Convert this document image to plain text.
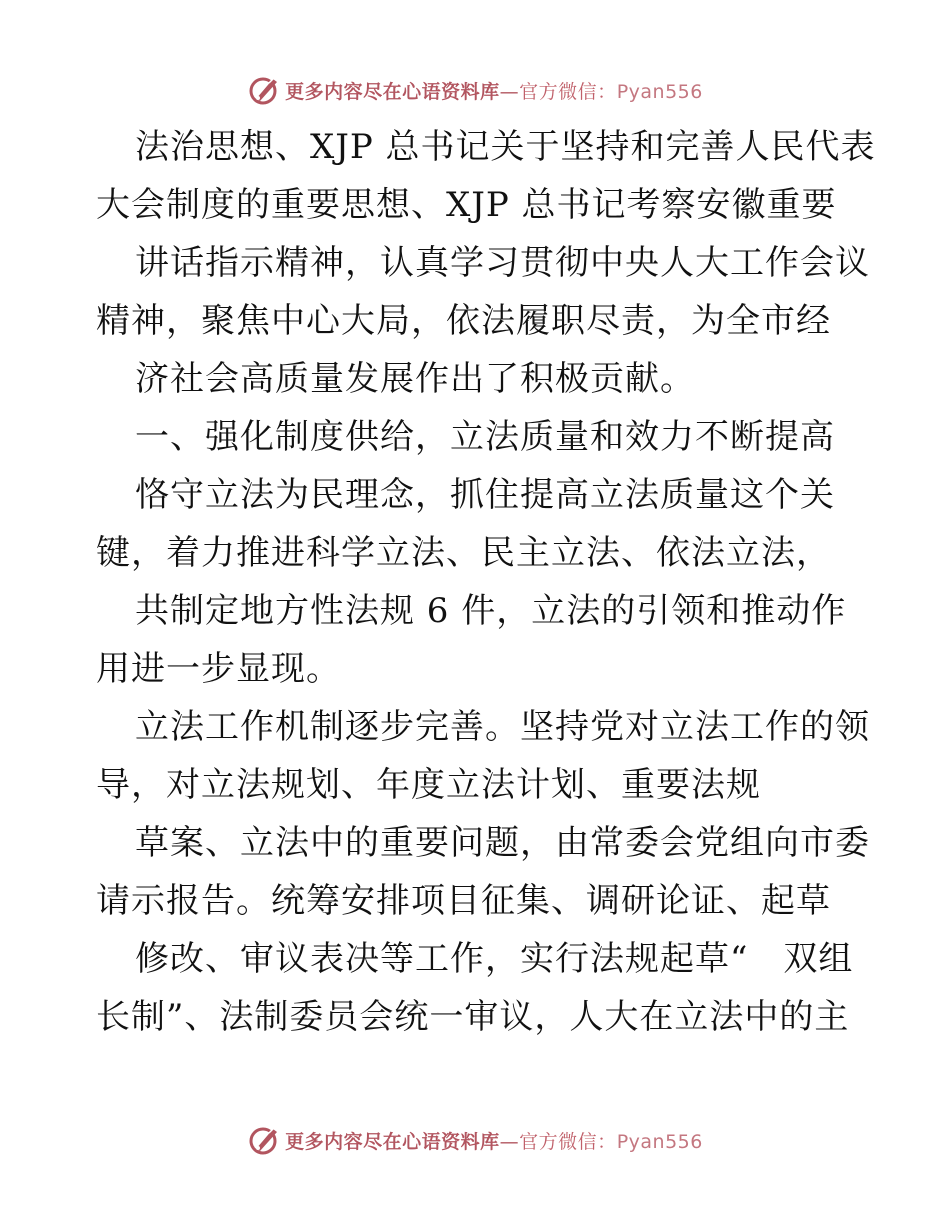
更多内容尽在心语资料库—官方微信：Pyan556
法治思想、XJP 总书记关于坚持和完善人民代表
大会制度的重要思想、XJP 总书记考察安徽重要
讲话指示精神，认真学习贯彻中央人大工作会议
精神，聚焦中心大局，依法履职尽责，为全市经
济社会高质量发展作出了积极贡献。
一、强化制度供给，立法质量和效力不断提高
恪守立法为民理念，抓住提高立法质量这个关
键，着力推进科学立法、民主立法、依法立法，
共制定地方性法规 6 件，立法的引领和推动作
用进一步显现。
立法工作机制逐步完善。坚持党对立法工作的领
导，对立法规划、年度立法计划、重要法规
草案、立法中的重要问题，由常委会党组向市委
请示报告。统筹安排项目征集、调研论证、起草
修改、审议表决等工作，实行法规起草“　双组
长制”、法制委员会统一审议，人大在立法中的主
更多内容尽在心语资料库—官方微信：Pyan556
